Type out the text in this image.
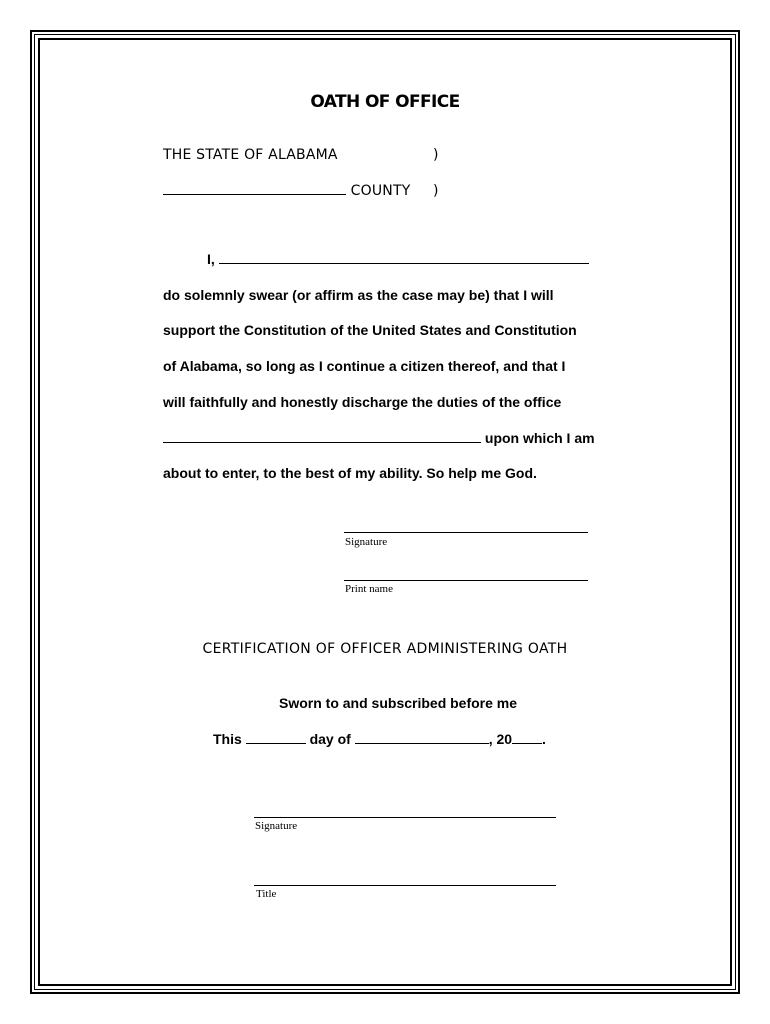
OATH OF OFFICE
THE STATE OF ALABAMA	)
COUNTY )
I,
do solemnly swear (or affirm as the case may be) that I will
support the Constitution of the United States and Constitution
of Alabama, so long as I continue a citizen thereof, and that I
will faithfully and honestly discharge the duties of the office
upon which I am
about to enter, to the best of my ability. So help me God.
Signature
Print name
CERTIFICATION OF OFFICER ADMINISTERING OATH
Sworn to and subscribed before me
This	day of	, 20 .
Signature
Title
